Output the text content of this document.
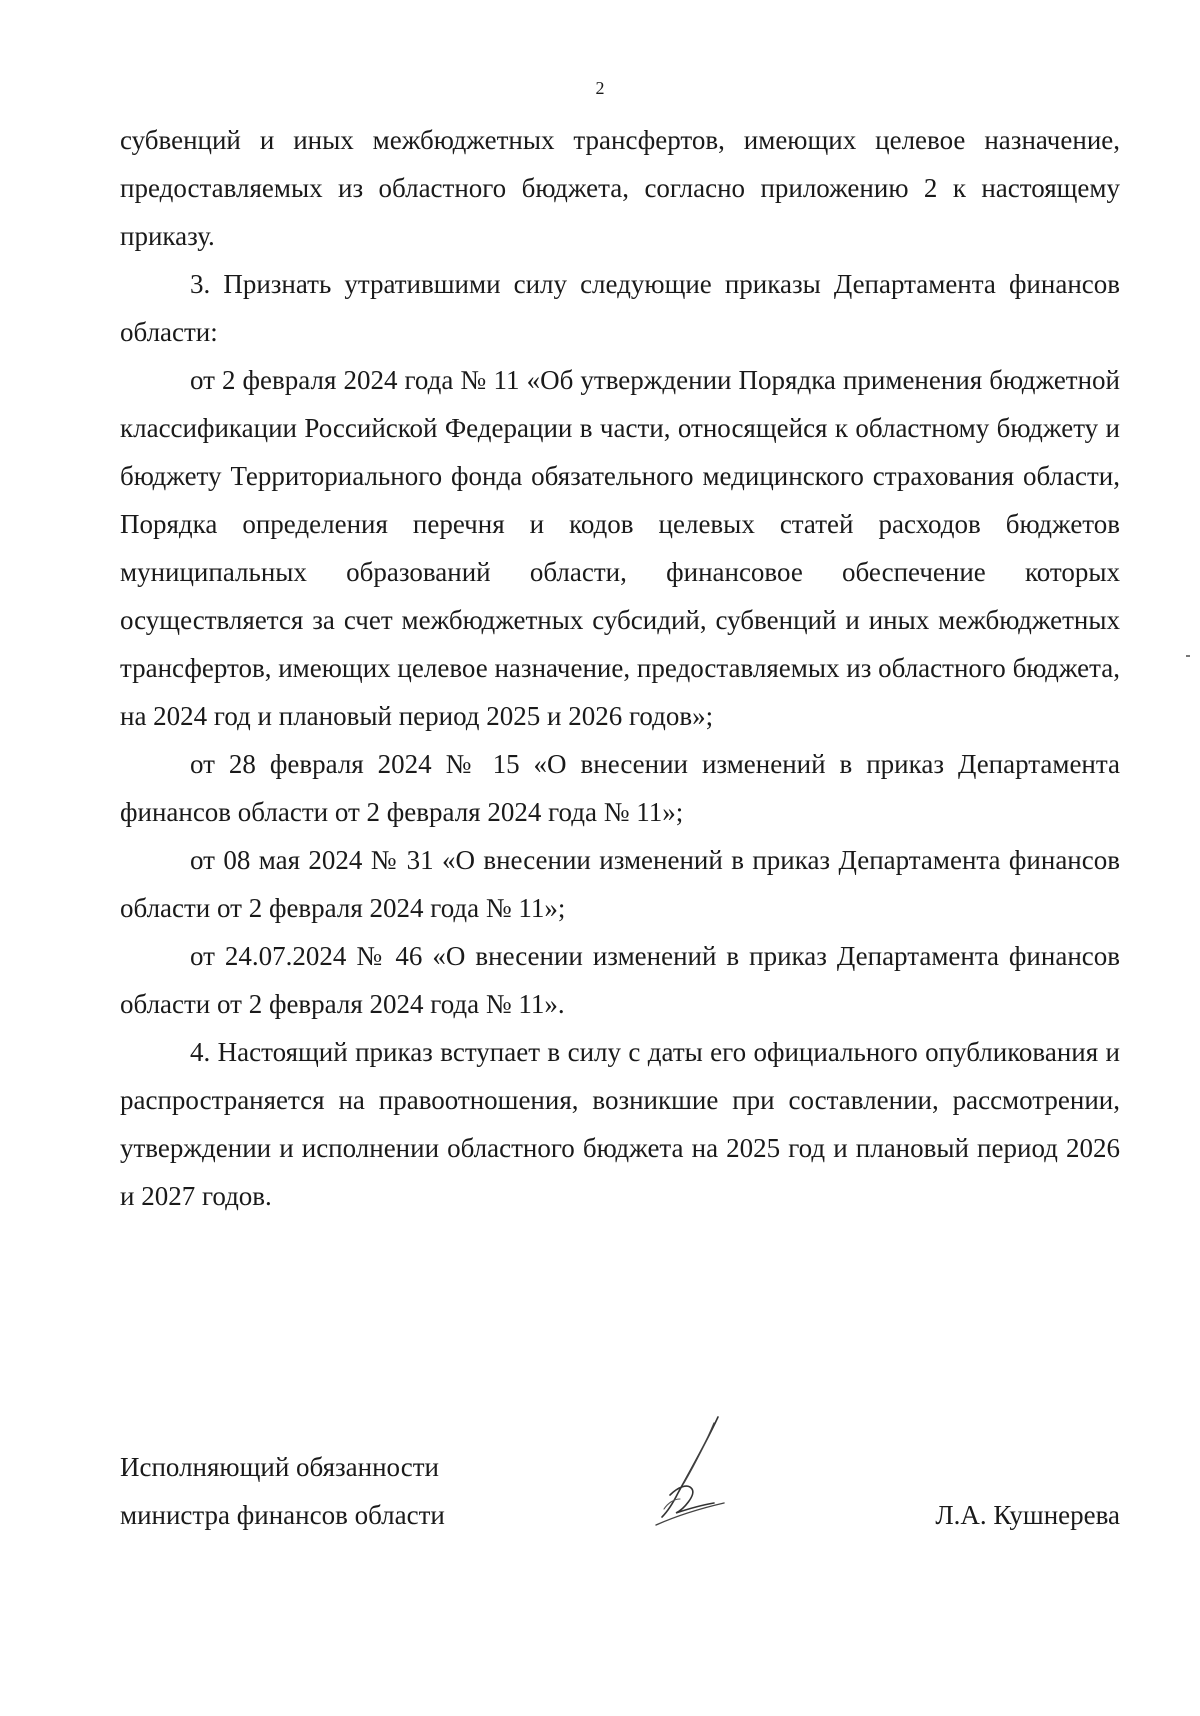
2

субвенций и иных межбюджетных трансфертов, имеющих целевое назначение, предоставляемых из областного бюджета, согласно приложению 2 к настоящему приказу.

3. Признать утратившими силу следующие приказы Департамента финансов области:

от 2 февраля 2024 года № 11 «Об утверждении Порядка применения бюджетной классификации Российской Федерации в части, относящейся к областному бюджету и бюджету Территориального фонда обязательного медицинского страхования области, Порядка определения перечня и кодов целевых статей расходов бюджетов муниципальных образований области, финансовое обеспечение которых осуществляется за счет межбюджетных субсидий, субвенций и иных межбюджетных трансфертов, имеющих целевое назначение, предоставляемых из областного бюджета, на 2024 год и плановый период 2025 и 2026 годов»;

от 28 февраля 2024 № 15 «О внесении изменений в приказ Департамента финансов области от 2 февраля 2024 года № 11»;

от 08 мая 2024 № 31 «О внесении изменений в приказ Департамента финансов области от 2 февраля 2024 года № 11»;

от 24.07.2024 № 46 «О внесении изменений в приказ Департамента финансов области от 2 февраля 2024 года № 11».

4. Настоящий приказ вступает в силу с даты его официального опубликования и распространяется на правоотношения, возникшие при составлении, рассмотрении, утверждении и исполнении областного бюджета на 2025 год и плановый период 2026 и 2027 годов.

Исполняющий обязанности
министра финансов области	Л.А. Кушнерева
